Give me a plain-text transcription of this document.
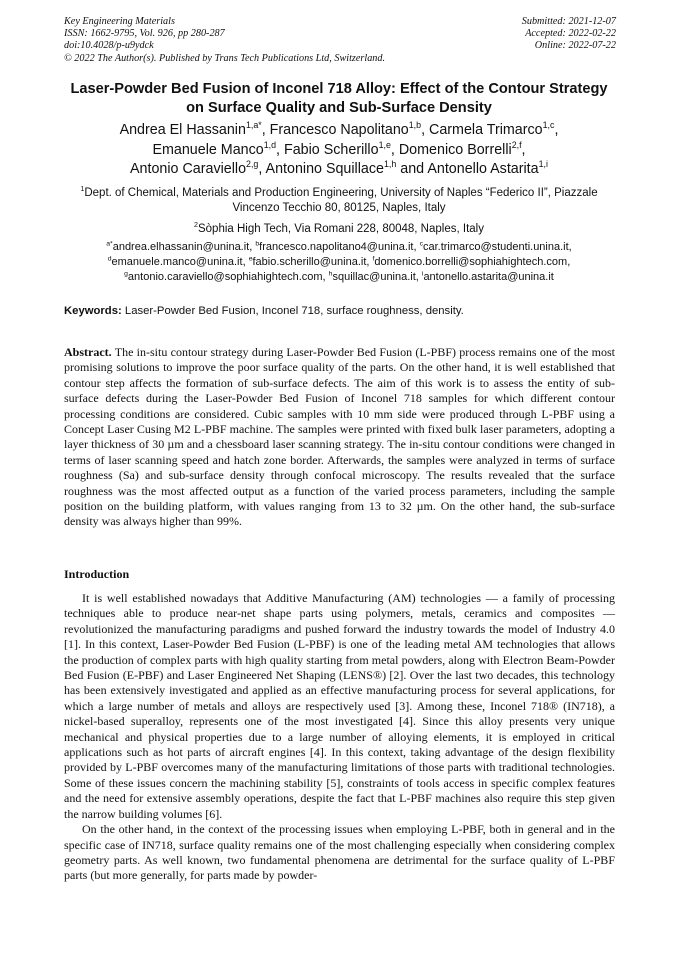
Key Engineering Materials
ISSN: 1662-9795, Vol. 926, pp 280-287
doi:10.4028/p-u9ydck
© 2022 The Author(s). Published by Trans Tech Publications Ltd, Switzerland.
Submitted: 2021-12-07
Accepted: 2022-02-22
Online: 2022-07-22
Laser-Powder Bed Fusion of Inconel 718 Alloy: Effect of the Contour Strategy on Surface Quality and Sub-Surface Density
Andrea El Hassanin$^{1,a*}$, Francesco Napolitano$^{1,b}$, Carmela Trimarco$^{1,c}$,
Emanuele Manco$^{1,d}$, Fabio Scherillo$^{1,e}$, Domenico Borrelli$^{2,f}$,
Antonio Caraviello$^{2,g}$, Antonino Squillace$^{1,h}$ and Antonello Astarita$^{1,i}$
$^1$Dept. of Chemical, Materials and Production Engineering, University of Naples “Federico II”, Piazzale Vincenzo Tecchio 80, 80125, Naples, Italy
$^2$Sòphia High Tech, Via Romani 228, 80048, Naples, Italy
$^{a*}$andrea.elhassanin@unina.it, $^b$francesco.napolitano4@unina.it, $^c$car.trimarco@studenti.unina.it,
$^d$emanuele.manco@unina.it, $^e$fabio.scherillo@unina.it, $^f$domenico.borrelli@sophiahightech.com,
$^g$antonio.caraviello@sophiahightech.com, $^h$squillac@unina.it, $^i$antonello.astarita@unina.it
Keywords: Laser-Powder Bed Fusion, Inconel 718, surface roughness, density.
Abstract. The in-situ contour strategy during Laser-Powder Bed Fusion (L-PBF) process remains one of the most promising solutions to improve the poor surface quality of the parts. On the other hand, it is well established that contour step affects the formation of sub-surface defects. The aim of this work is to assess the entity of sub-surface defects during the Laser-Powder Bed Fusion of Inconel 718 samples for which different contour processing conditions are considered. Cubic samples with 10 mm side were produced through L-PBF using a Concept Laser Cusing M2 L-PBF machine. The samples were printed with fixed bulk laser parameters, adopting a layer thickness of 30 µm and a chessboard laser scanning strategy. The in-situ contour conditions were changed in terms of laser scanning speed and hatch zone border. Afterwards, the samples were analyzed in terms of surface roughness (Sa) and sub-surface density through confocal microscopy. The results revealed that the surface roughness was the most affected output as a function of the varied process parameters, including the sample position on the building platform, with values ranging from 13 to 32 µm. On the other hand, the sub-surface density was always higher than 99%.
Introduction

It is well established nowadays that Additive Manufacturing (AM) technologies — a family of processing techniques able to produce near-net shape parts using polymers, metals, ceramics and composites — revolutionized the manufacturing paradigms and pushed forward the industry towards the model of Industry 4.0 [1]. In this context, Laser-Powder Bed Fusion (L-PBF) is one of the leading metal AM technologies that allows the production of complex parts with high quality starting from metal powders, along with Electron Beam-Powder Bed Fusion (E-PBF) and Laser Engineered Net Shaping (LENS®) [2]. Over the last two decades, this technology has been extensively investigated and applied as an effective manufacturing process for several applications, for which a large number of metals and alloys are respectively used [3]. Among these, Inconel 718® (IN718), a nickel-based superalloy, represents one of the most investigated [4]. Since this alloy presents very unique mechanical and physical properties due to a large number of alloying elements, it is employed in critical applications such as hot parts of aircraft engines [4]. In this context, taking advantage of the design flexibility provided by L-PBF overcomes many of the manufacturing limitations of those parts with traditional technologies. Some of these issues concern the machining stability [5], constraints of tools access in specific complex features and the need for extensive assembly operations, despite the fact that L-PBF machines also require this step given the narrow building volumes [6].

On the other hand, in the context of the processing issues when employing L-PBF, both in general and in the specific case of IN718, surface quality remains one of the most challenging especially when considering complex geometry parts. As well known, two fundamental phenomena are detrimental for the surface quality of L-PBF parts (but more generally, for parts made by powder-
